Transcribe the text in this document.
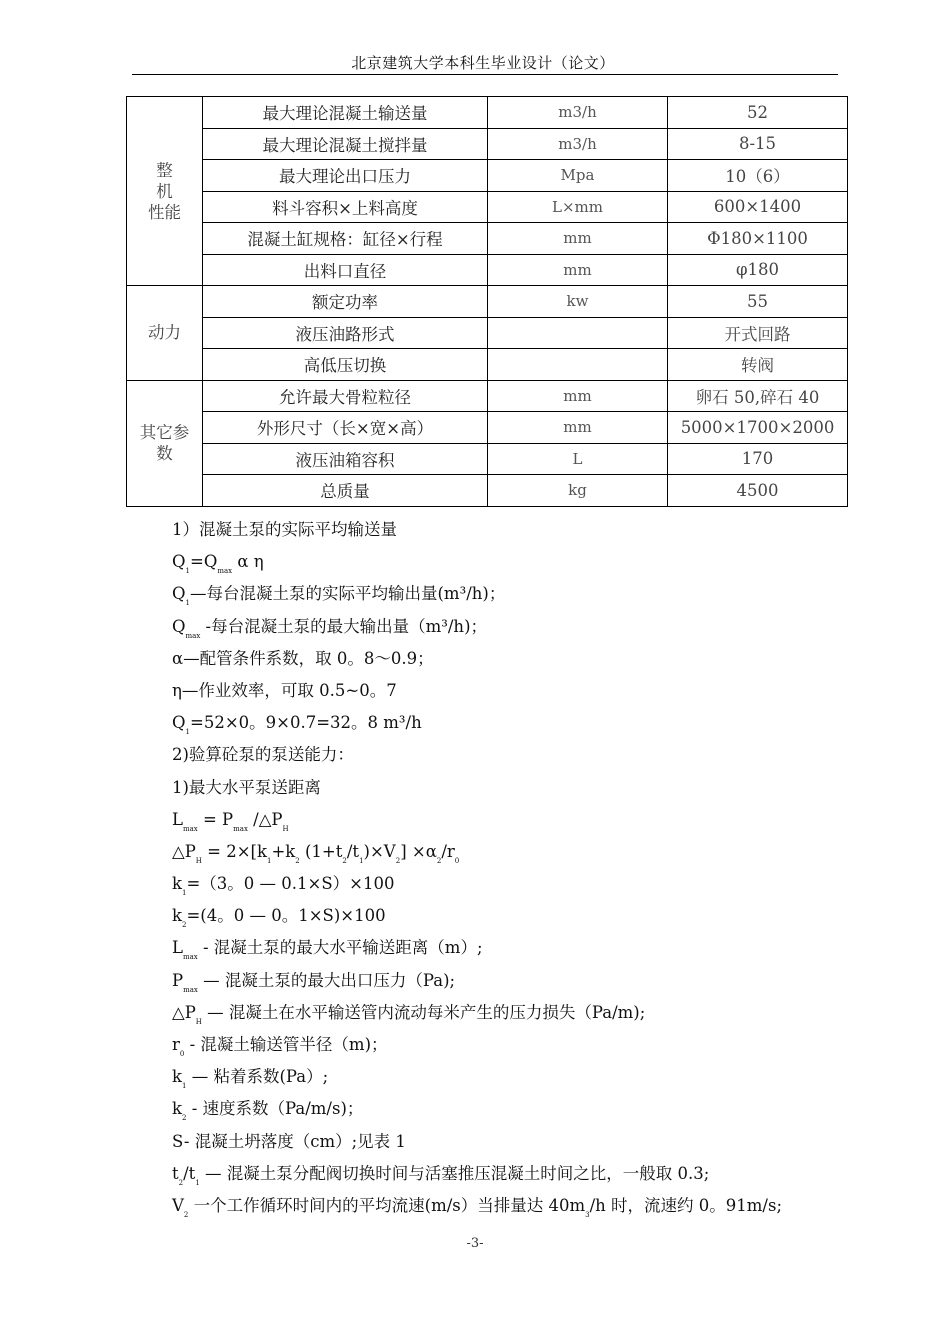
北京建筑大学本科生毕业设计（论文）
整
机
性能	最大理论混凝土输送量	m3/h	52
	最大理论混凝土搅拌量	m3/h	8-15
	最大理论出口压力	Mpa	10（6）
	料斗容积×上料高度	L×mm	600×1400
	混凝土缸规格：缸径×行程	mm	Φ180×1100
	出料口直径	mm	φ180
动力	额定功率	kw	55
	液压油路形式		开式回路
	高低压切换		转阀
其它参
数	允许最大骨粒粒径	mm	卵石 50,碎石 40
	外形尺寸（长×宽×高）	mm	5000×1700×2000
	液压油箱容积	L	170
	总质量	kg	4500
1）混凝土泵的实际平均输送量
$Q_1=Q_{max}$ α η
$Q_1—$每台混凝土泵的实际平均输出量(m³/h)；
$Q_{max}$ -每台混凝土泵的最大输出量（m³/h)；
α—配管条件系数，取 0。8～0.9；
η—作业效率，可取 0.5~0。7
$Q_1=52\times 0$。9×0.7=32。8 m³/h
2)验算砼泵的泵送能力：
1)最大水平泵送距离
$L_{max} = P_{max}$ $/\triangle P_H$
$\triangle P_H = 2\times[k_1+k_2$ $(1+t_2/t_1)\times V_2] \times\alpha_2/r_0$
$k_1=(3$。0 — 0.1×S）×100
$k_2=(4$。0 — 0。1×S)×100
$L_{max}$ - 混凝土泵的最大水平输送距离（m）;
$P_{max}$ — 混凝土泵的最大出口压力（Pa);
$\triangle P_H$ — 混凝土在水平输送管内流动每米产生的压力损失（Pa/m);
$r_0$ - 混凝土输送管半径（m)；
$k_1$ — 粘着系数(Pa）;
$k_2$ - 速度系数（Pa/m/s)；
S- 混凝土坍落度（cm）;见表 1
$t_2/t_1$ — 混凝土泵分配阀切换时间与活塞推压混凝土时间之比，一般取 0.3;
$V_2$ 一个工作循环时间内的平均流速(m/s）当排量达 $40m_3/h$ 时，流速约 0。91m/s;
-3-
